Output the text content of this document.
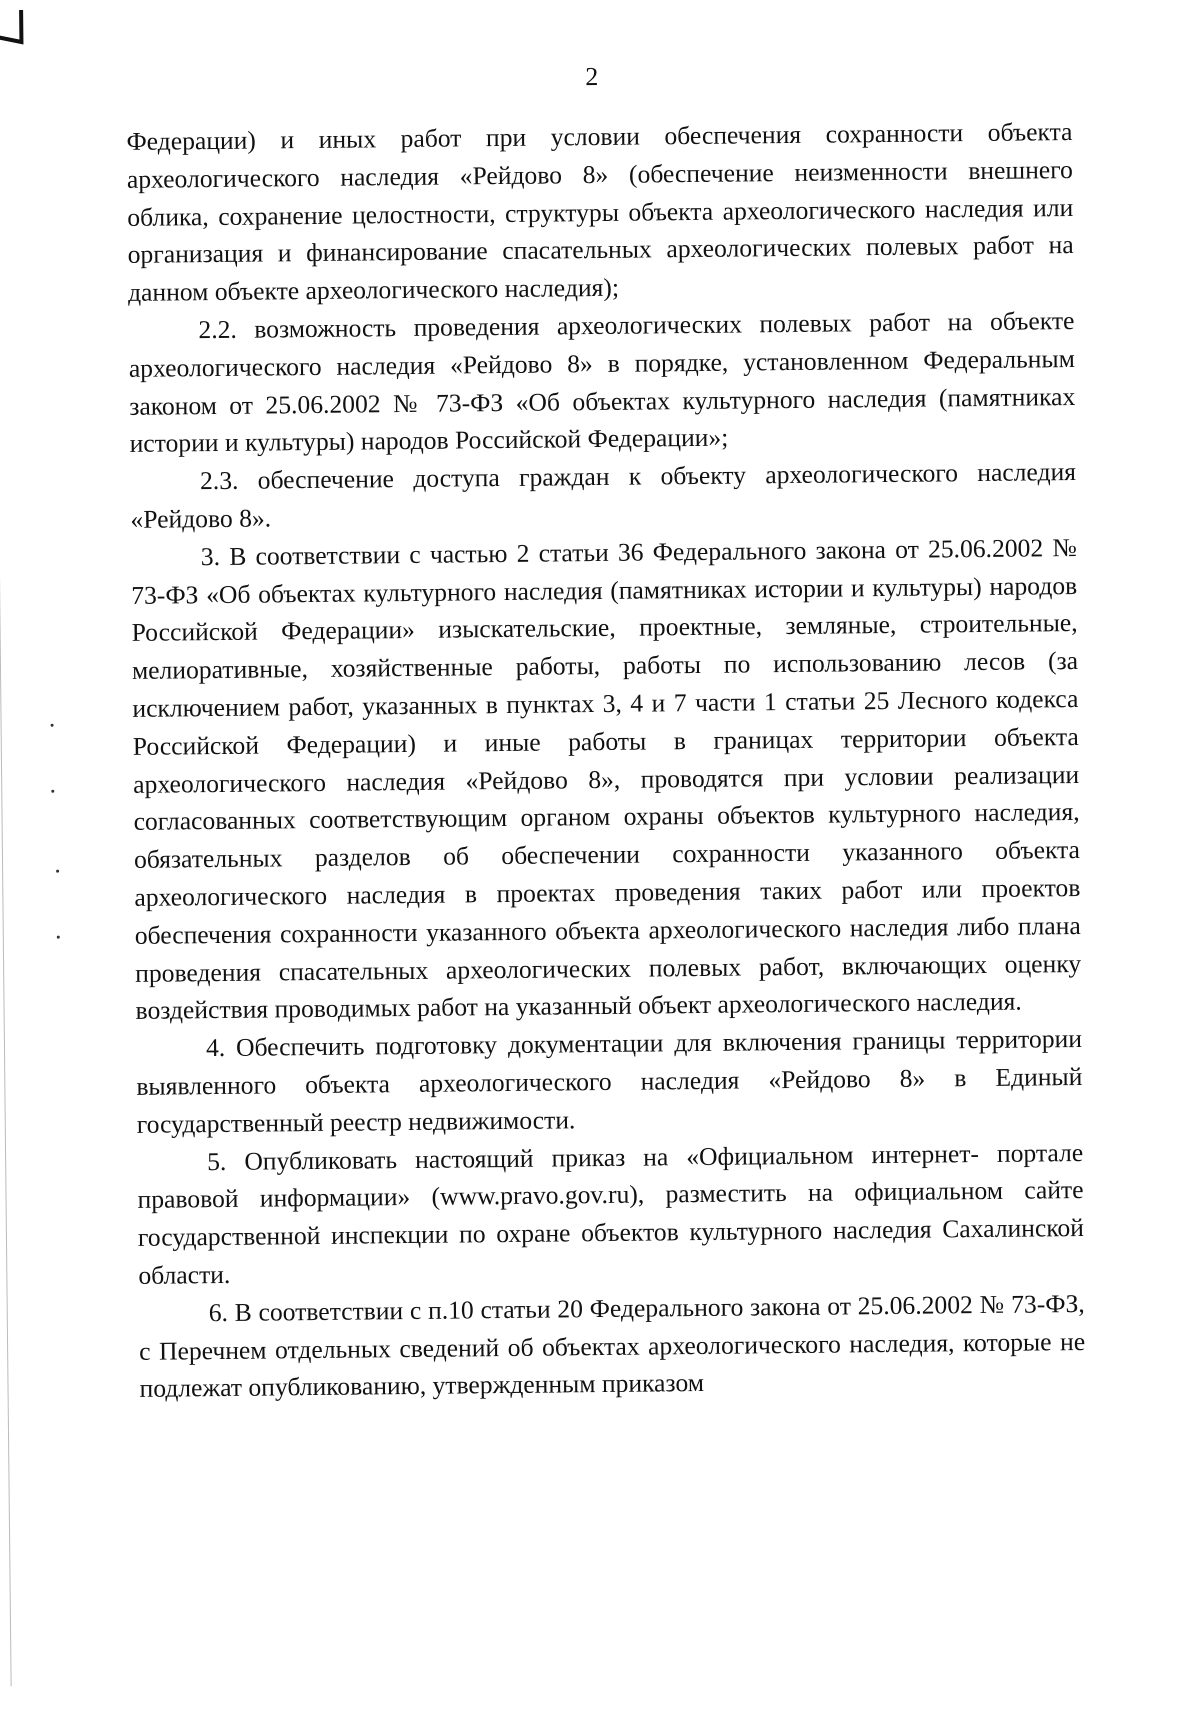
2

Федерации) и иных работ при условии обеспечения сохранности объекта археологического наследия «Рейдово 8» (обеспечение неизменности внешнего облика, сохранение целостности, структуры объекта археологического наследия или организация и финансирование спасательных археологических полевых работ на данном объекте археологического наследия);

2.2. возможность проведения археологических полевых работ на объекте археологического наследия «Рейдово 8» в порядке, установленном Федеральным законом от 25.06.2002 № 73-ФЗ «Об объектах культурного наследия (памятниках истории и культуры) народов Российской Федерации»;

2.3. обеспечение доступа граждан к объекту археологического наследия «Рейдово 8».

3. В соответствии с частью 2 статьи 36 Федерального закона от 25.06.2002 № 73-ФЗ «Об объектах культурного наследия (памятниках истории и культуры) народов Российской Федерации» изыскательские, проектные, земляные, строительные, мелиоративные, хозяйственные работы, работы по использованию лесов (за исключением работ, указанных в пунктах 3, 4 и 7 части 1 статьи 25 Лесного кодекса Российской Федерации) и иные работы в границах территории объекта археологического наследия «Рейдово 8», проводятся при условии реализации согласованных соответствующим органом охраны объектов культурного наследия, обязательных разделов об обеспечении сохранности указанного объекта археологического наследия в проектах проведения таких работ или проектов обеспечения сохранности указанного объекта археологического наследия либо плана проведения спасательных археологических полевых работ, включающих оценку воздействия проводимых работ на указанный объект археологического наследия.

4. Обеспечить подготовку документации для включения границы территории выявленного объекта археологического наследия «Рейдово 8» в Единый государственный реестр недвижимости.

5. Опубликовать настоящий приказ на «Официальном интернет- портале правовой информации» (www.pravo.gov.ru), разместить на официальном сайте государственной инспекции по охране объектов культурного наследия Сахалинской области.

6. В соответствии с п.10 статьи 20 Федерального закона от 25.06.2002 № 73-ФЗ, с Перечнем отдельных сведений об объектах археологического наследия, которые не подлежат опубликованию, утвержденным приказом
